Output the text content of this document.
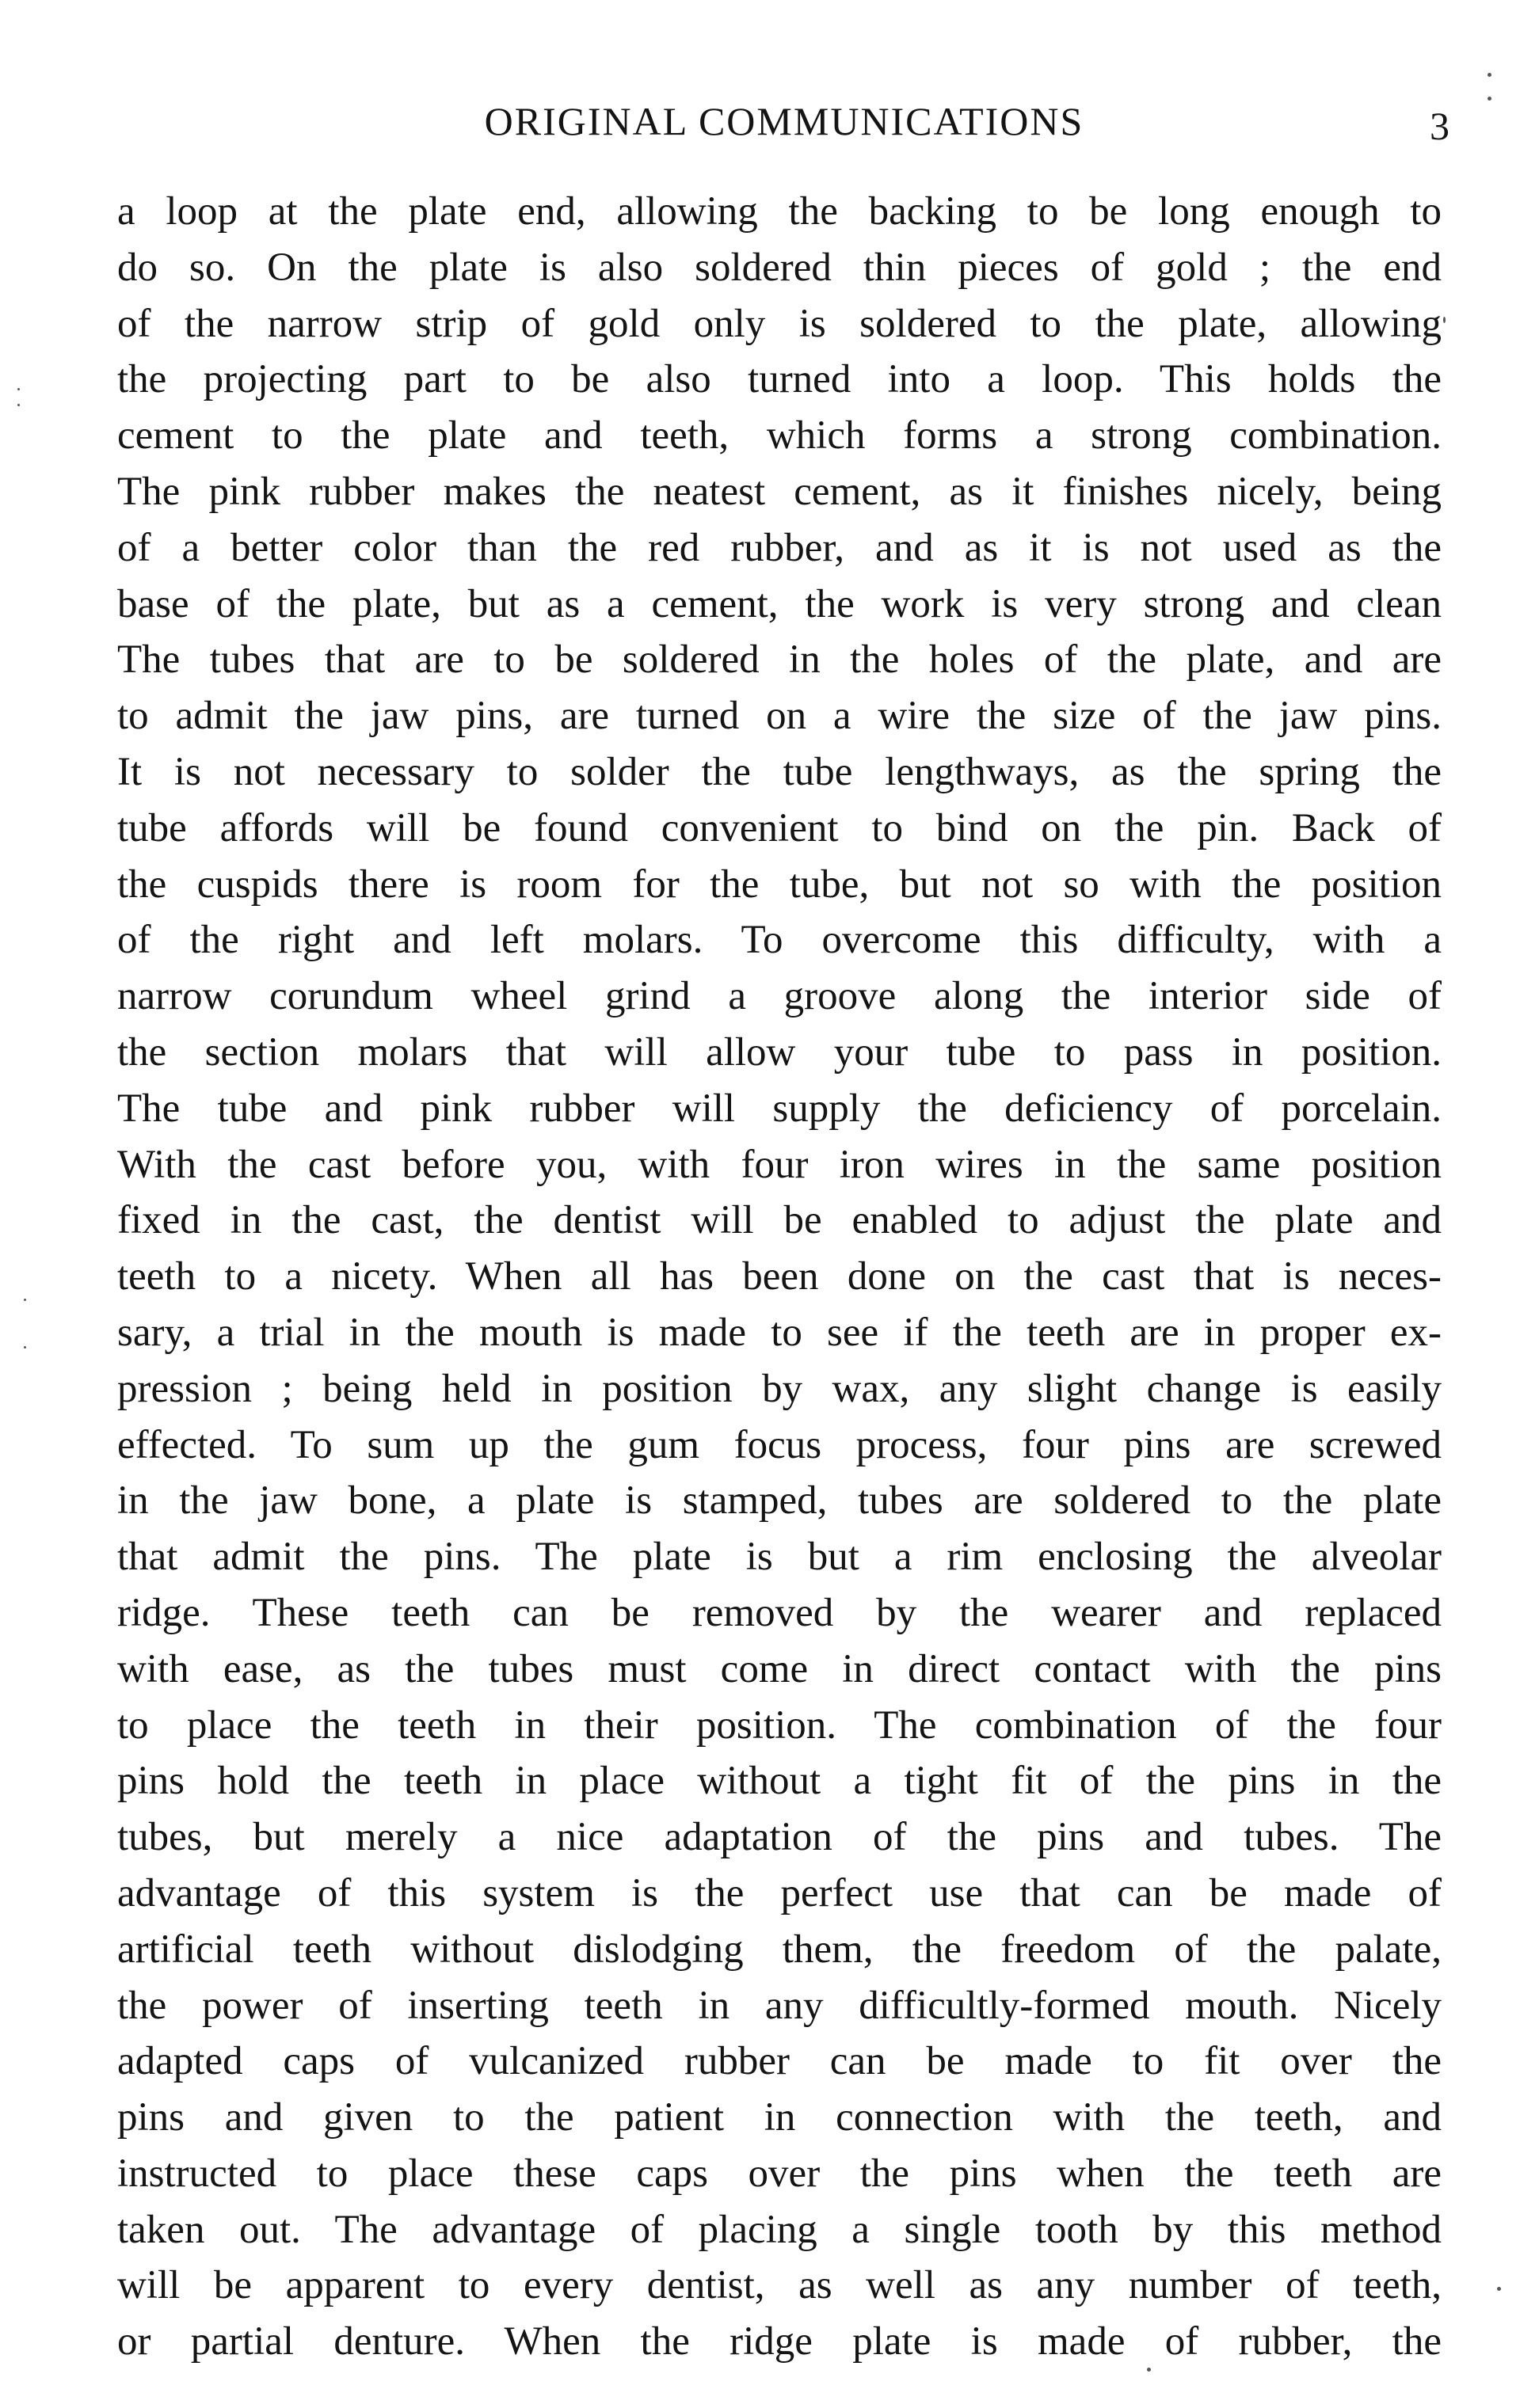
ORIGINAL COMMUNICATIONS	3
a loop at the plate end, allowing the backing to be long enough to
do so. On the plate is also soldered thin pieces of gold ; the end
of the narrow strip of gold only is soldered to the plate, allowing
the projecting part to be also turned into a loop. This holds the
cement to the plate and teeth, which forms a strong combination.
The pink rubber makes the neatest cement, as it finishes nicely, being
of a better color than the red rubber, and as it is not used as the
base of the plate, but as a cement, the work is very strong and clean
The tubes that are to be soldered in the holes of the plate, and are
to admit the jaw pins, are turned on a wire the size of the jaw pins.
It is not necessary to solder the tube lengthways, as the spring the
tube affords will be found convenient to bind on the pin. Back of
the cuspids there is room for the tube, but not so with the position
of the right and left molars. To overcome this difficulty, with a
narrow corundum wheel grind a groove along the interior side of
the section molars that will allow your tube to pass in position.
The tube and pink rubber will supply the deficiency of porcelain.
With the cast before you, with four iron wires in the same position
fixed in the cast, the dentist will be enabled to adjust the plate and
teeth to a nicety. When all has been done on the cast that is neces-
sary, a trial in the mouth is made to see if the teeth are in proper ex-
pression ; being held in position by wax, any slight change is easily
effected. To sum up the gum focus process, four pins are screwed
in the jaw bone, a plate is stamped, tubes are soldered to the plate
that admit the pins. The plate is but a rim enclosing the alveolar
ridge. These teeth can be removed by the wearer and replaced
with ease, as the tubes must come in direct contact with the pins
to place the teeth in their position. The combination of the four
pins hold the teeth in place without a tight fit of the pins in the
tubes, but merely a nice adaptation of the pins and tubes. The
advantage of this system is the perfect use that can be made of
artificial teeth without dislodging them, the freedom of the palate,
the power of inserting teeth in any difficultly-formed mouth. Nicely
adapted caps of vulcanized rubber can be made to fit over the
pins and given to the patient in connection with the teeth, and
instructed to place these caps over the pins when the teeth are
taken out. The advantage of placing a single tooth by this method
will be apparent to every dentist, as well as any number of teeth,
or partial denture. When the ridge plate is made of rubber, the
